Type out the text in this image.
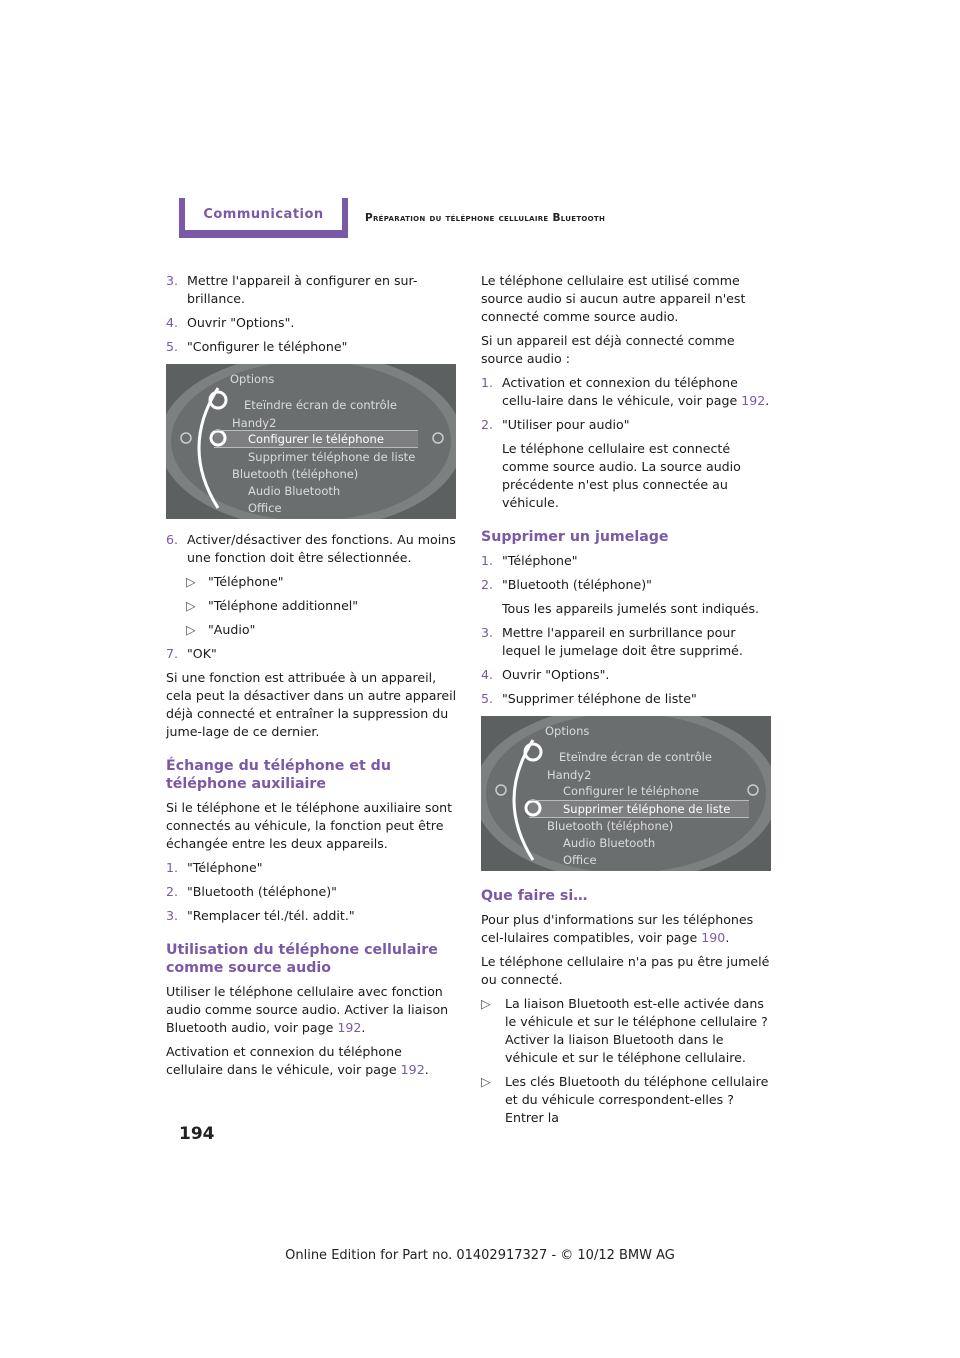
Communication	Préparation du téléphone cellulaire Bluetooth
3. Mettre l'appareil à configurer en sur-brillance.
4. Ouvrir "Options".
5. "Configurer le téléphone"
Options
Eteïndre écran de contrôle
Handy2
Configurer le téléphone
Supprimer téléphone de liste
Bluetooth (téléphone)
Audio Bluetooth
Office
6. Activer/désactiver des fonctions. Au moins une fonction doit être sélectionnée.
▷ "Téléphone"
▷ "Téléphone additionnel"
▷ "Audio"
7. "OK"

Si une fonction est attribuée à un appareil, cela peut la désactiver dans un autre appareil déjà connecté et entraîner la suppression du jume-lage de ce dernier.

Échange du téléphone et du téléphone auxiliaire

Si le téléphone et le téléphone auxiliaire sont connectés au véhicule, la fonction peut être échangée entre les deux appareils.

1. "Téléphone"
2. "Bluetooth (téléphone)"
3. "Remplacer tél./tél. addit."
Utilisation du téléphone cellulaire comme source audio

Utiliser le téléphone cellulaire avec fonction audio comme source audio. Activer la liaison Bluetooth audio, voir page 192.

Activation et connexion du téléphone cellulaire dans le véhicule, voir page 192.

Le téléphone cellulaire est utilisé comme source audio si aucun autre appareil n'est connecté comme source audio.

Si un appareil est déjà connecté comme source audio :

1. Activation et connexion du téléphone cellu-laire dans le véhicule, voir page 192.
2. "Utiliser pour audio"
Le téléphone cellulaire est connecté comme source audio. La source audio précédente n'est plus connectée au véhicule.
Supprimer un jumelage
1. "Téléphone"
2. "Bluetooth (téléphone)"
Tous les appareils jumelés sont indiqués.
3. Mettre l'appareil en surbrillance pour lequel le jumelage doit être supprimé.
4. Ouvrir "Options".
5. "Supprimer téléphone de liste"
Options
Eteïndre écran de contrôle
Handy2
Configurer le téléphone
Supprimer téléphone de liste
Bluetooth (téléphone)
Audio Bluetooth
Office
Que faire si…

Pour plus d'informations sur les téléphones cel-lulaires compatibles, voir page 190.

Le téléphone cellulaire n'a pas pu être jumelé ou connecté.

▷ La liaison Bluetooth est-elle activée dans le véhicule et sur le téléphone cellulaire ? Activer la liaison Bluetooth dans le véhicule et sur le téléphone cellulaire.
▷ Les clés Bluetooth du téléphone cellulaire et du véhicule correspondent-elles ? Entrer la
194
Online Edition for Part no. 01402917327 - © 10/12 BMW AG
